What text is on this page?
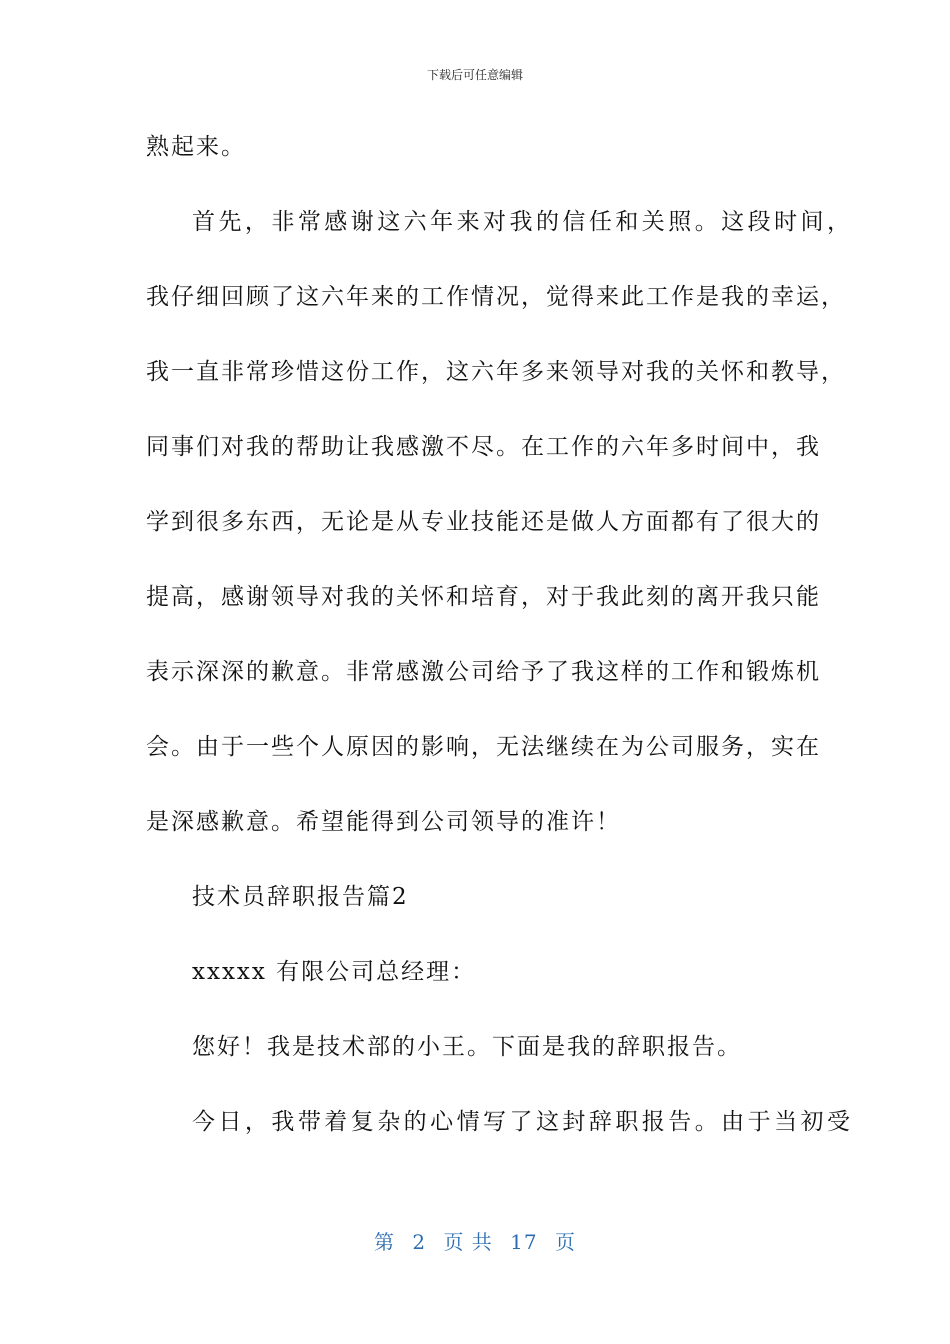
下载后可任意编辑
熟起来。
首先，非常感谢这六年来对我的信任和关照。这段时间，
我仔细回顾了这六年来的工作情况，觉得来此工作是我的幸运，
我一直非常珍惜这份工作，这六年多来领导对我的关怀和教导，
同事们对我的帮助让我感激不尽。在工作的六年多时间中，我
学到很多东西，无论是从专业技能还是做人方面都有了很大的
提高，感谢领导对我的关怀和培育，对于我此刻的离开我只能
表示深深的歉意。非常感激公司给予了我这样的工作和锻炼机
会。由于一些个人原因的影响，无法继续在为公司服务，实在
是深感歉意。希望能得到公司领导的准许！
技术员辞职报告篇2
xxxxx 有限公司总经理：
您好！我是技术部的小王。下面是我的辞职报告。
今日，我带着复杂的心情写了这封辞职报告。由于当初受
第 2 页 共 17 页
